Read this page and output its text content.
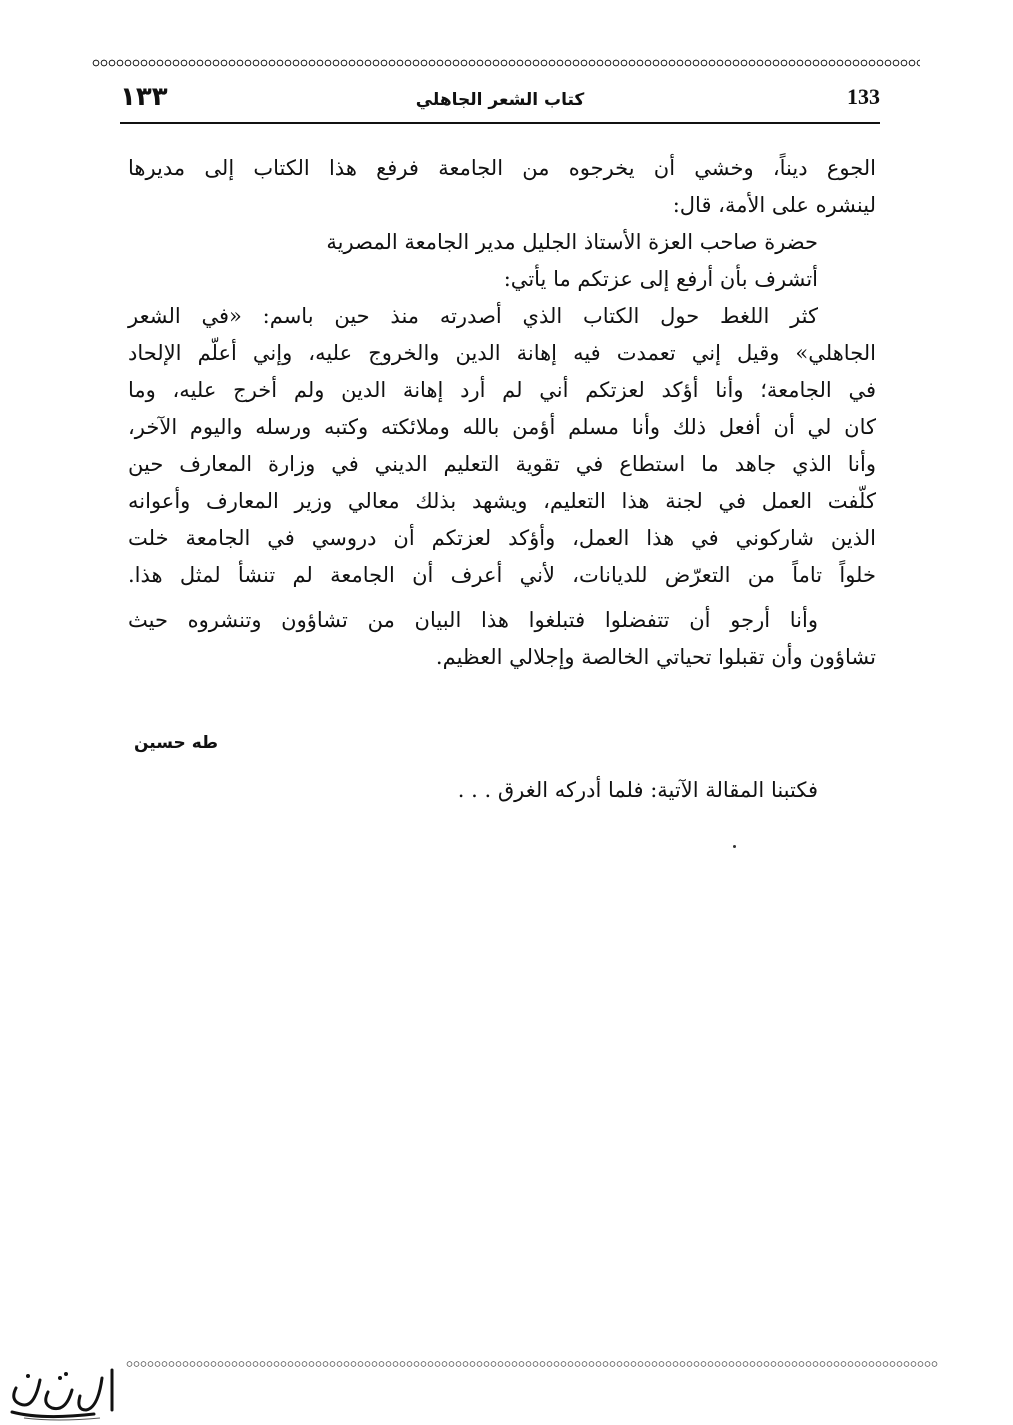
١٣٣	كتاب الشعر الجاهلي	133
الجوع ديناً، وخشي أن يخرجوه من الجامعة فرفع هذا الكتاب إلى مديرها
لينشره على الأمة، قال:
حضرة صاحب العزة الأستاذ الجليل مدير الجامعة المصرية
أتشرف بأن أرفع إلى عزتكم ما يأتي:
كثر اللغط حول الكتاب الذي أصدرته منذ حين باسم: «في الشعر
الجاهلي» وقيل إني تعمدت فيه إهانة الدين والخروج عليه، وإني أعلّم الإلحاد
في الجامعة؛ وأنا أؤكد لعزتكم أني لم أرد إهانة الدين ولم أخرج عليه، وما
كان لي أن أفعل ذلك وأنا مسلم أؤمن بالله وملائكته وكتبه ورسله واليوم الآخر،
وأنا الذي جاهد ما استطاع في تقوية التعليم الديني في وزارة المعارف حين
كلّفت العمل في لجنة هذا التعليم، ويشهد بذلك معالي وزير المعارف وأعوانه
الذين شاركوني في هذا العمل، وأؤكد لعزتكم أن دروسي في الجامعة خلت
خلواً تاماً من التعرّض للديانات، لأني أعرف أن الجامعة لم تنشأ لمثل هذا.
وأنا أرجو أن تتفضلوا فتبلغوا هذا البيان من تشاؤون وتنشروه حيث
تشاؤون وأن تقبلوا تحياتي الخالصة وإجلالي العظيم.
طه حسين
فكتبنا المقالة الآتية: فلما أدركه الغرق . . .
